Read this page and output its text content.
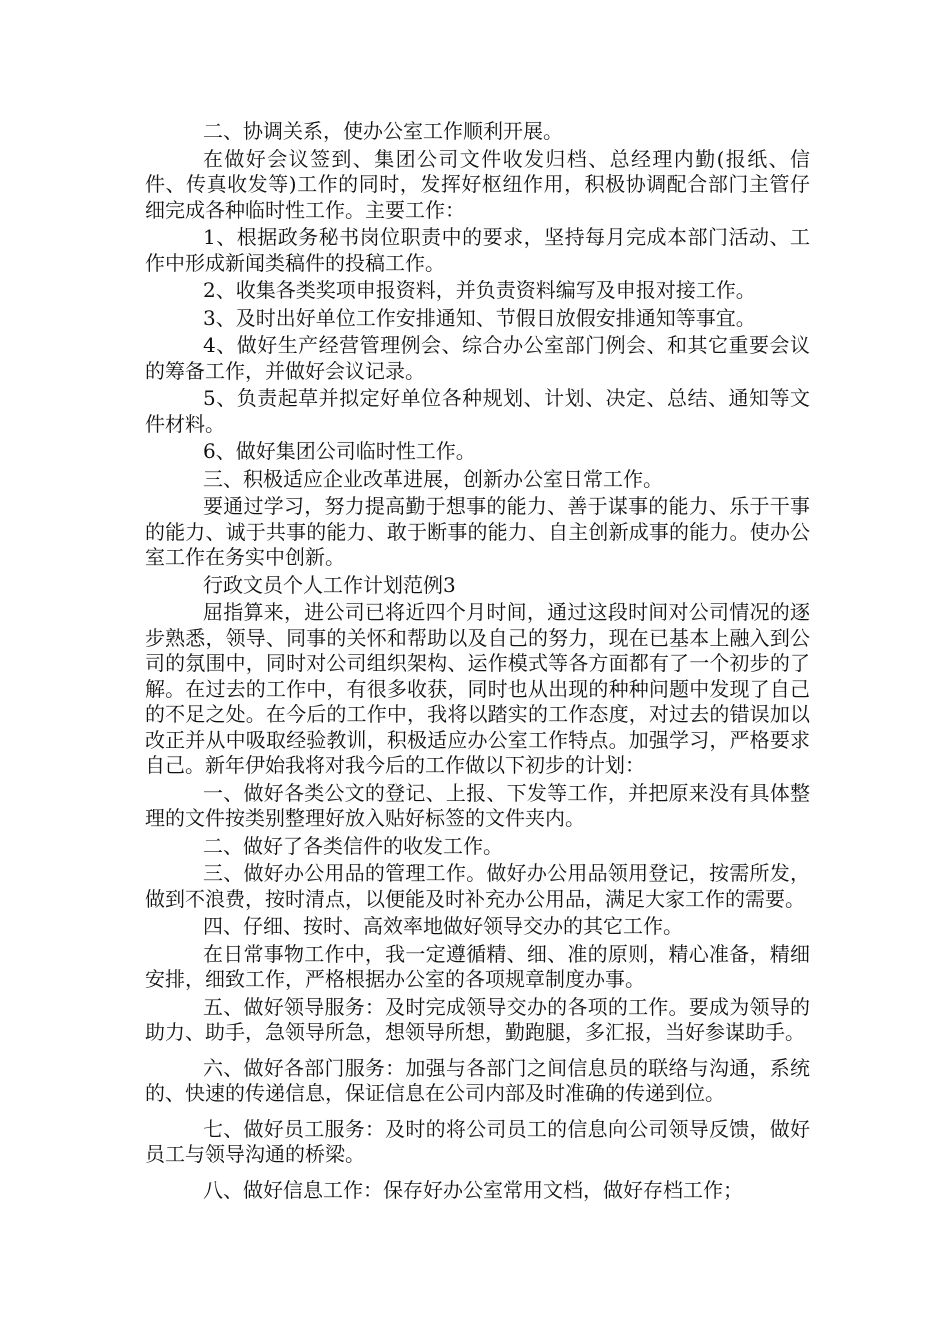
二、协调关系，使办公室工作顺利开展。

在做好会议签到、集团公司文件收发归档、总经理内勤(报纸、信件、传真收发等)工作的同时，发挥好枢纽作用，积极协调配合部门主管仔细完成各种临时性工作。主要工作：

1、根据政务秘书岗位职责中的要求，坚持每月完成本部门活动、工作中形成新闻类稿件的投稿工作。

2、收集各类奖项申报资料，并负责资料编写及申报对接工作。

3、及时出好单位工作安排通知、节假日放假安排通知等事宜。

4、做好生产经营管理例会、综合办公室部门例会、和其它重要会议的筹备工作，并做好会议记录。

5、负责起草并拟定好单位各种规划、计划、决定、总结、通知等文件材料。

6、做好集团公司临时性工作。

三、积极适应企业改革进展，创新办公室日常工作。

要通过学习，努力提高勤于想事的能力、善于谋事的能力、乐于干事的能力、诚于共事的能力、敢于断事的能力、自主创新成事的能力。使办公室工作在务实中创新。

行政文员个人工作计划范例3

屈指算来，进公司已将近四个月时间，通过这段时间对公司情况的逐步熟悉，领导、同事的关怀和帮助以及自己的努力，现在已基本上融入到公司的氛围中，同时对公司组织架构、运作模式等各方面都有了一个初步的了解。在过去的工作中，有很多收获，同时也从出现的种种问题中发现了自己的不足之处。在今后的工作中，我将以踏实的工作态度，对过去的错误加以改正并从中吸取经验教训，积极适应办公室工作特点。加强学习，严格要求自己。新年伊始我将对我今后的工作做以下初步的计划：

一、做好各类公文的登记、上报、下发等工作，并把原来没有具体整理的文件按类别整理好放入贴好标签的文件夹内。

二、做好了各类信件的收发工作。

三、做好办公用品的管理工作。做好办公用品领用登记，按需所发，做到不浪费，按时清点，以便能及时补充办公用品，满足大家工作的需要。

四、仔细、按时、高效率地做好领导交办的其它工作。

在日常事物工作中，我一定遵循精、细、准的原则，精心准备，精细安排，细致工作，严格根据办公室的各项规章制度办事。

五、做好领导服务：及时完成领导交办的各项的工作。要成为领导的助力、助手，急领导所急，想领导所想，勤跑腿，多汇报，当好参谋助手。

六、做好各部门服务：加强与各部门之间信息员的联络与沟通，系统的、快速的传递信息，保证信息在公司内部及时准确的传递到位。

七、做好员工服务：及时的将公司员工的信息向公司领导反馈，做好员工与领导沟通的桥梁。

八、做好信息工作：保存好办公室常用文档，做好存档工作；
